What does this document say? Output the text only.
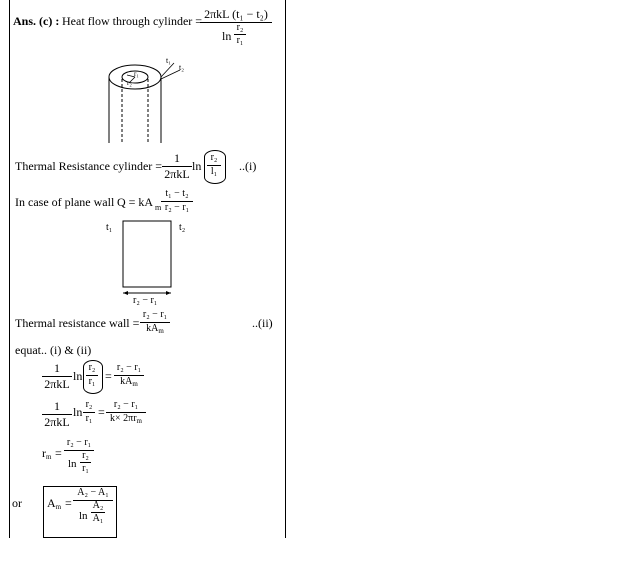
Ans. (c) : Heat flow through cylinder = 2πkL (t₁ − t₂)
$\ln \frac{\text{r₂}}{\text{r₁}}$
t₁
t₂
r₁
r₂
Thermal Resistance cylinder =
1
2πkL
$\ln \frac{\text{r₂}}{\text{l₁}} ..(i)$
In case of plane wall Q = kA m $\frac{\text{t₁ − t₂}}{\text{r₂ − r₁}}$
t₁	t₂
r₂ − r₁
Thermal resistance wall =
r₂ − r₁
$kA_m$
..(ii)
equat.. (i) & (ii)
1
2πkL
$\ln \frac{\text{r₂}}{\text{r₁}}$ =
r₂ − r₁
$kA_m$
1
2πkL
$\ln \frac{\text{r₂}}{\text{r₁}}$ =
r₂ − r₁
$k\times 2\pi r_m$
$r_m = \frac{\text{r₂ − r₁}}{\ln \frac{\text{r₂}}{\text{r₁}}}$
or $A_m = \frac{\text{A₂ − A₁}}{\ln \frac{\text{A₂}}{\text{A₁}}}$
